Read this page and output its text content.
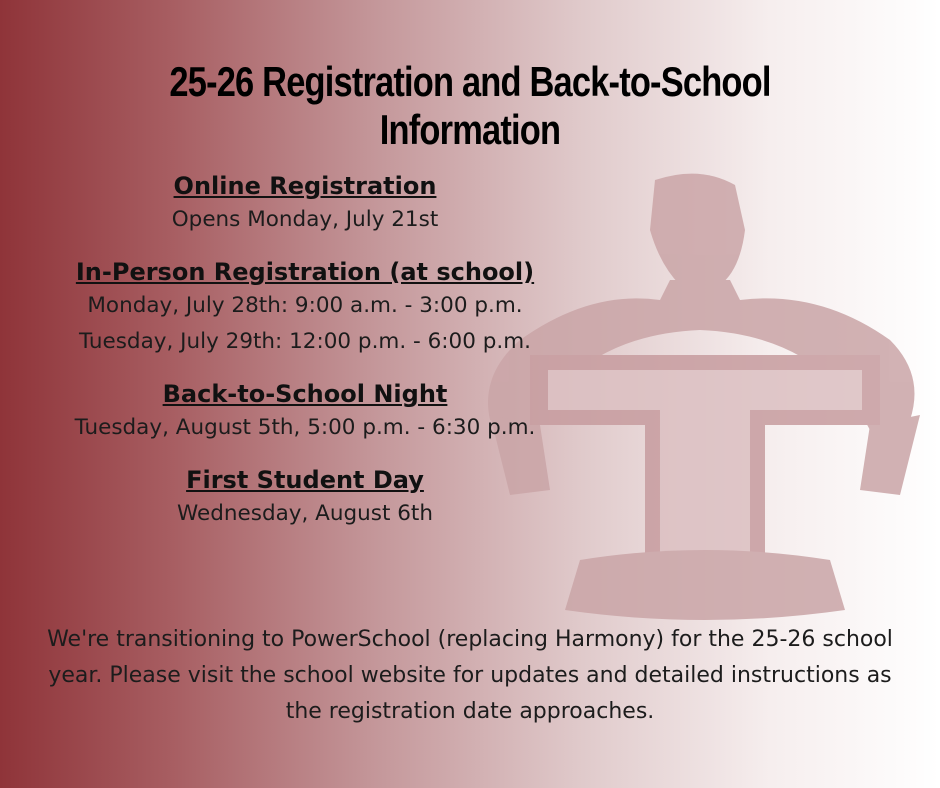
25-26 Registration and Back-to-School Information
Online Registration
Opens Monday, July 21st
In-Person Registration (at school)
Monday, July 28th: 9:00 a.m. - 3:00 p.m.
Tuesday, July 29th: 12:00 p.m. - 6:00 p.m.
Back-to-School Night
Tuesday, August 5th, 5:00 p.m. - 6:30 p.m.
First Student Day
Wednesday, August 6th
We're transitioning to PowerSchool (replacing Harmony) for the 25-26 school year. Please visit the school website for updates and detailed instructions as the registration date approaches.
